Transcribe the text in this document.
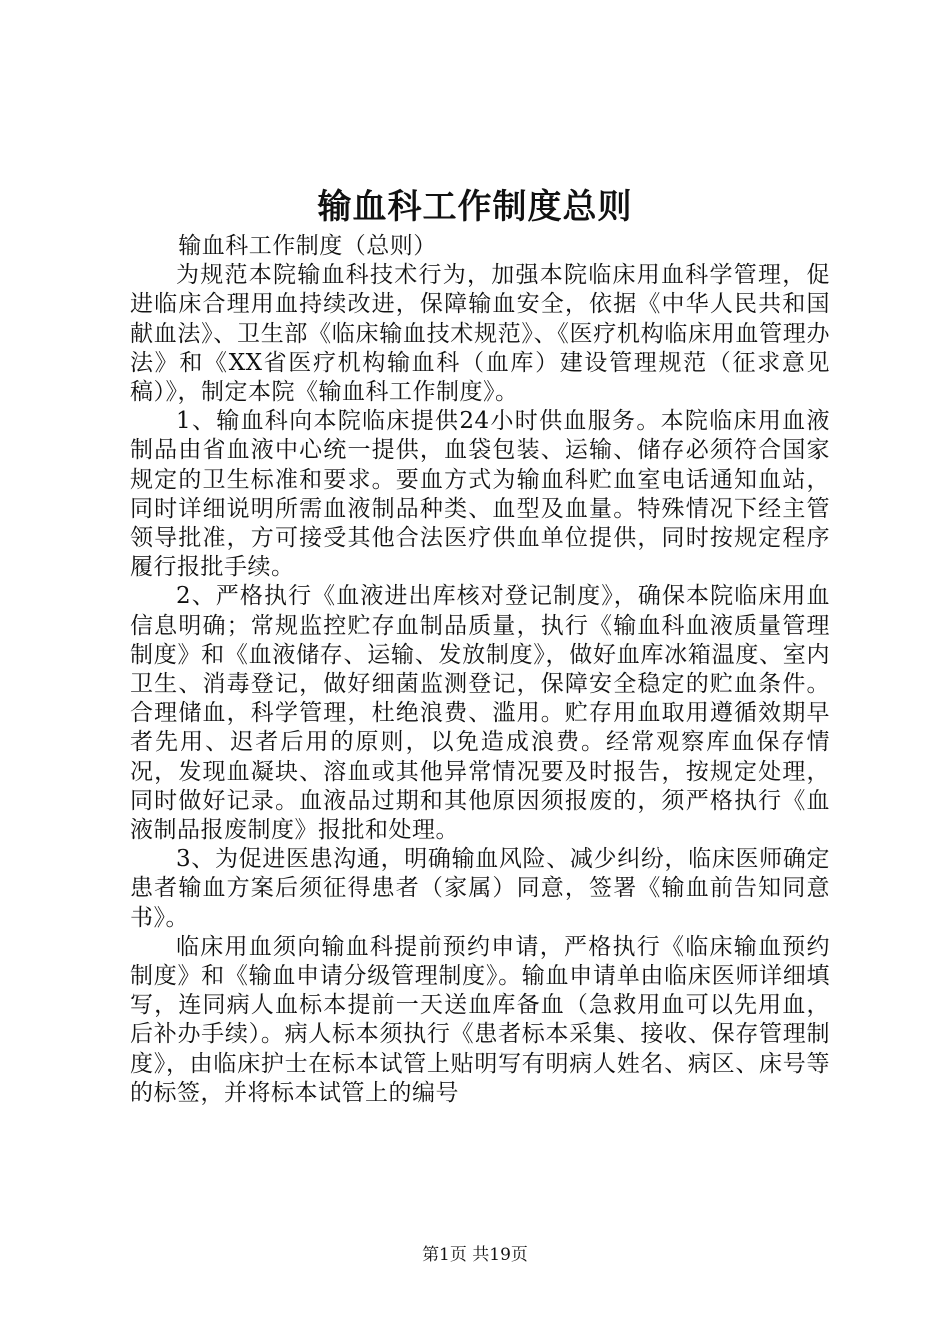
输血科工作制度总则

输血科工作制度（总则）

为规范本院输血科技术行为，加强本院临床用血科学管理，促进临床合理用血持续改进，保障输血安全，依据《中华人民共和国献血法》、卫生部《临床输血技术规范》、《医疗机构临床用血管理办法》和《XX省医疗机构输血科（血库）建设管理规范（征求意见稿）》，制定本院《输血科工作制度》。

1、输血科向本院临床提供24小时供血服务。本院临床用血液制品由省血液中心统一提供，血袋包装、运输、储存必须符合国家规定的卫生标准和要求。要血方式为输血科贮血室电话通知血站，同时详细说明所需血液制品种类、血型及血量。特殊情况下经主管领导批准，方可接受其他合法医疗供血单位提供，同时按规定程序履行报批手续。

2、严格执行《血液进出库核对登记制度》，确保本院临床用血信息明确；常规监控贮存血制品质量，执行《输血科血液质量管理制度》和《血液储存、运输、发放制度》，做好血库冰箱温度、室内卫生、消毒登记，做好细菌监测登记，保障安全稳定的贮血条件。合理储血，科学管理，杜绝浪费、滥用。贮存用血取用遵循效期早者先用、迟者后用的原则，以免造成浪费。经常观察库血保存情况，发现血凝块、溶血或其他异常情况要及时报告，按规定处理，同时做好记录。血液品过期和其他原因须报废的，须严格执行《血液制品报废制度》报批和处理。

3、为促进医患沟通，明确输血风险、减少纠纷，临床医师确定患者输血方案后须征得患者（家属）同意，签署《输血前告知同意书》。

临床用血须向输血科提前预约申请，严格执行《临床输血预约制度》和《输血申请分级管理制度》。输血申请单由临床医师详细填写，连同病人血标本提前一天送血库备血（急救用血可以先用血，后补办手续）。病人标本须执行《患者标本采集、接收、保存管理制度》，由临床护士在标本试管上贴明写有明病人姓名、病区、床号等的标签，并将标本试管上的编号

第1页 共19页
